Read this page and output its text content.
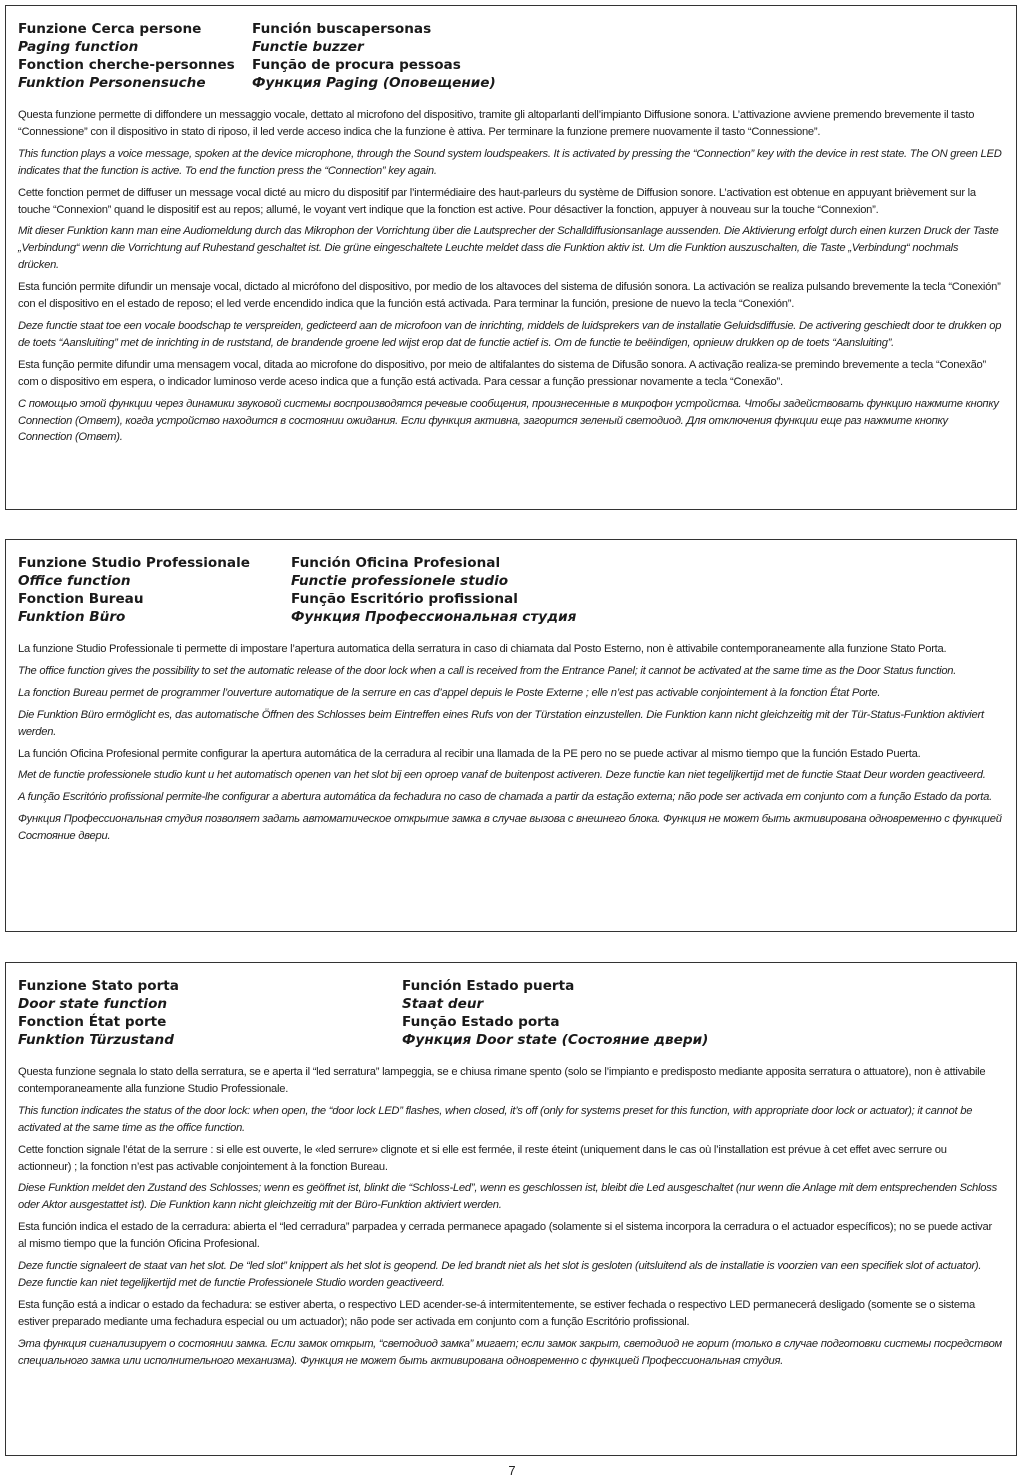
Funzione Cerca persone
Paging function
Fonction cherche-personnes
Funktion Personensuche
Función buscapersonas
Functie buzzer
Função de procura pessoas
Функция Paging (Оповещение)

Questa funzione permette di diffondere un messaggio vocale, dettato al microfono del dispositivo, tramite gli altoparlanti dell’impianto Diffusione sonora. L’attivazione avviene premendo brevemente il tasto “Connessione” con il dispositivo in stato di riposo, il led verde acceso indica che la funzione è attiva. Per terminare la funzione premere nuovamente il tasto “Connessione”.

This function plays a voice message, spoken at the device microphone, through the Sound system loudspeakers. It is activated by pressing the “Connection” key with the device in rest state. The ON green LED indicates that the function is active. To end the function press the “Connection” key again.

Cette fonction permet de diffuser un message vocal dicté au micro du dispositif par l’intermédiaire des haut-parleurs du système de Diffusion sonore. L’activation est obtenue en appuyant brièvement sur la touche “Connexion” quand le dispositif est au repos; allumé, le voyant vert indique que la fonction est active. Pour désactiver la fonction, appuyer à nouveau sur la touche “Connexion”.

Mit dieser Funktion kann man eine Audiomeldung durch das Mikrophon der Vorrichtung über die Lautsprecher der Schalldiffusionsanlage aussenden. Die Aktivierung erfolgt durch einen kurzen Druck der Taste „Verbindung“ wenn die Vorrichtung auf Ruhestand geschaltet ist. Die grüne eingeschaltete Leuchte meldet dass die Funktion aktiv ist. Um die Funktion auszuschalten, die Taste „Verbindung“ nochmals drücken.

Esta función permite difundir un mensaje vocal, dictado al micrófono del dispositivo, por medio de los altavoces del sistema de difusión sonora. La activación se realiza pulsando brevemente la tecla “Conexión” con el dispositivo en el estado de reposo; el led verde encendido indica que la función está activada. Para terminar la función, presione de nuevo la tecla “Conexión”.

Deze functie staat toe een vocale boodschap te verspreiden, gedicteerd aan de microfoon van de inrichting, middels de luidsprekers van de installatie Geluidsdiffusie. De activering geschiedt door te drukken op de toets “Aansluiting” met de inrichting in de ruststand, de brandende groene led wijst erop dat de functie actief is. Om de functie te beëindigen, opnieuw drukken op de toets “Aansluiting”.

Esta função permite difundir uma mensagem vocal, ditada ao microfone do dispositivo, por meio de altifalantes do sistema de Difusão sonora. A activação realiza-se premindo brevemente a tecla “Conexão” com o dispositivo em espera, o indicador luminoso verde aceso indica que a função está activada. Para cessar a função pressionar novamente a tecla “Conexão”.

С помощью этой функции через динамики звуковой системы воспроизводятся речевые сообщения, произнесенные в микрофон устройства. Чтобы задействовать функцию нажмите кнопку Connection (Ответ), когда устройство находится в состоянии ожидания. Если функция активна, загорится зеленый светодиод. Для отключения функции еще раз нажмите кнопку Connection (Ответ).

Funzione Studio Professionale
Office function
Fonction Bureau
Funktion Büro
Función Oficina Profesional
Functie professionele studio
Função Escritório profissional
Функция Профессиональная студия

La funzione Studio Professionale ti permette di impostare l’apertura automatica della serratura in caso di chiamata dal Posto Esterno, non è attivabile contemporaneamente alla funzione Stato Porta.

The office function gives the possibility to set the automatic release of the door lock when a call is received from the Entrance Panel; it cannot be activated at the same time as the Door Status function.

La fonction Bureau permet de programmer l’ouverture automatique de la serrure en cas d’appel depuis le Poste Externe ; elle n’est pas activable conjointement à la fonction État Porte.

Die Funktion Büro ermöglicht es, das automatische Öffnen des Schlosses beim Eintreffen eines Rufs von der Türstation einzustellen. Die Funktion kann nicht gleichzeitig mit der Tür-Status-Funktion aktiviert werden.

La función Oficina Profesional permite configurar la apertura automática de la cerradura al recibir una llamada de la PE pero no se puede activar al mismo tiempo que la función Estado Puerta.

Met de functie professionele studio kunt u het automatisch openen van het slot bij een oproep vanaf de buitenpost activeren. Deze functie kan niet tegelijkertijd met de functie Staat Deur worden geactiveerd.

A função Escritório profissional permite-lhe configurar a abertura automática da fechadura no caso de chamada a partir da estação externa; não pode ser activada em conjunto com a função Estado da porta.

Функция Профессиональная студия позволяет задать автоматическое открытие замка в случае вызова с внешнего блока. Функция не может быть активирована одновременно с функцией Состояние двери.

Funzione Stato porta
Door state function
Fonction État porte
Funktion Türzustand
Función Estado puerta
Staat deur
Função Estado porta
Функция Door state (Состояние двери)

Questa funzione segnala lo stato della serratura, se e aperta il “led serratura” lampeggia, se e chiusa rimane spento (solo se l’impianto e predisposto mediante apposita serratura o attuatore), non è attivabile contemporaneamente alla funzione Studio Professionale.

This function indicates the status of the door lock: when open, the “door lock LED” flashes, when closed, it’s off (only for systems preset for this function, with appropriate door lock or actuator); it cannot be activated at the same time as the office function.

Cette fonction signale l’état de la serrure : si elle est ouverte, le «led serrure» clignote et si elle est fermée, il reste éteint (uniquement dans le cas où l’installation est prévue à cet effet avec serrure ou actionneur) ; la fonction n’est pas activable conjointement à la fonction Bureau.

Diese Funktion meldet den Zustand des Schlosses; wenn es geöffnet ist, blinkt die “Schloss-Led”, wenn es geschlossen ist, bleibt die Led ausgeschaltet (nur wenn die Anlage mit dem entsprechenden Schloss oder Aktor ausgestattet ist). Die Funktion kann nicht gleichzeitig mit der Büro-Funktion aktiviert werden.

Esta función indica el estado de la cerradura: abierta el “led cerradura” parpadea y cerrada permanece apagado (solamente si el sistema incorpora la cerradura o el actuador específicos); no se puede activar al mismo tiempo que la función Oficina Profesional.

Deze functie signaleert de staat van het slot. De “led slot” knippert als het slot is geopend. De led brandt niet als het slot is gesloten (uitsluitend als de installatie is voorzien van een specifiek slot of actuator). Deze functie kan niet tegelijkertijd met de functie Professionele Studio worden geactiveerd.

Esta função está a indicar o estado da fechadura: se estiver aberta, o respectivo LED acender-se-á intermitentemente, se estiver fechada o respectivo LED permanecerá desligado (somente se o sistema estiver preparado mediante uma fechadura especial ou um actuador); não pode ser activada em conjunto com a função Escritório profissional.

Эта функция сигнализирует о состоянии замка. Если замок открыт, “светодиод замка” мигает; если замок закрыт, светодиод не горит (только в случае подготовки системы посредством специального замка или исполнительного механизма). Функция не может быть активирована одновременно с функцией Профессиональная студия.

7
